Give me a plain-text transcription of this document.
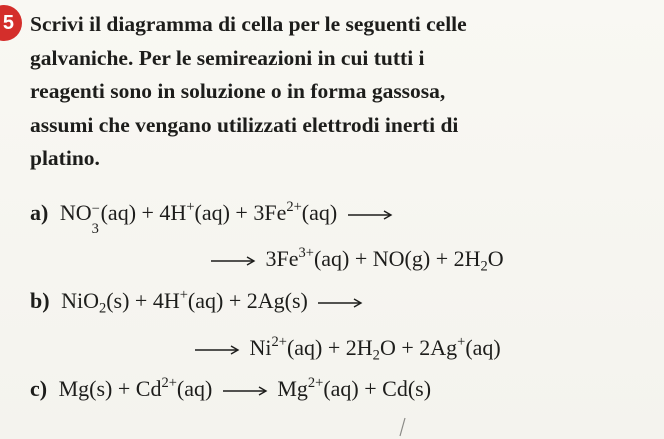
5 Scrivi il diagramma di cella per le seguenti celle
galvaniche. Per le semireazioni in cui tutti i
reagenti sono in soluzione o in forma gassosa,
assumi che vengano utilizzati elettrodi inerti di
platino.
a) NO −
3
$(aq) + 4H^+(aq) + 3Fe^{2+}(aq)$ →
→ $3Fe^{3+}(aq) + NO(g) + 2H_2O$
b) NiO$_2$(s) + 4H+(aq) + 2Ag(s) →
→ $Ni^{2+}(aq) + 2H_2O + 2Ag^+(aq)$
c) $Mg(s) + Cd^{2+}(aq) \to Mg^{2+}(aq) + Cd(s)$
